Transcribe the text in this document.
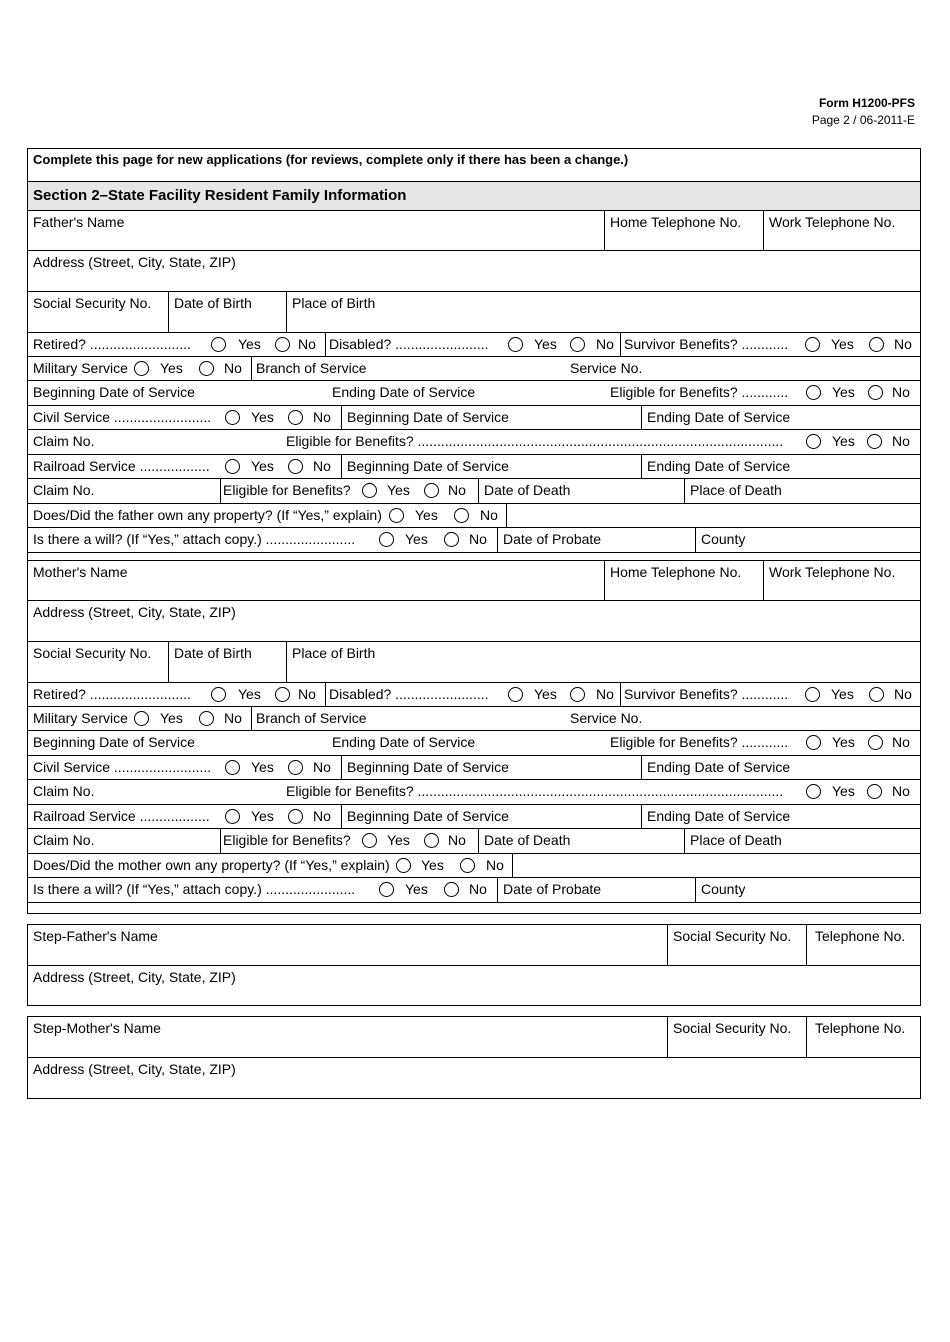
Form H1200-PFS
Page 2 / 06-2011-E
Complete this page for new applications (for reviews, complete only if there has been a change.)
Section 2–State Facility Resident Family Information
Father's Name	Home Telephone No. Work Telephone No.
Address (Street, City, State, ZIP)
Social Security No. Date of Birth	Place of Birth
Retired? ..........................	Yes	No Disabled? ........................	Yes	No Survivor Benefits? ............	Yes	No
Military Service Yes	No Branch of Service	Service No.
Beginning Date of Service	Ending Date of Service	Eligible for Benefits? ............	Yes	No
Civil Service .........................	Yes	No Beginning Date of Service	Ending Date of Service
Claim No.	Eligible for Benefits? ..............................................................................................	Yes	No
Railroad Service ..................	Yes	No Beginning Date of Service	Ending Date of Service
Claim No.	Eligible for Benefits?	Yes	No Date of Death	Place of Death
Does/Did the father own any property? (If “Yes,” explain) Yes	No
Is there a will? (If “Yes,” attach copy.) .......................	Yes	No Date of Probate	County
Mother's Name	Home Telephone No. Work Telephone No.
Address (Street, City, State, ZIP)
Social Security No. Date of Birth	Place of Birth
Retired? ..........................	Yes	No Disabled? ........................	Yes	No Survivor Benefits? ............	Yes	No
Military Service Yes	No Branch of Service	Service No.
Beginning Date of Service	Ending Date of Service	Eligible for Benefits? ............	Yes	No
Civil Service .........................	Yes	No Beginning Date of Service	Ending Date of Service
Claim No.	Eligible for Benefits? ..............................................................................................	Yes	No
Railroad Service ..................	Yes	No Beginning Date of Service	Ending Date of Service
Claim No.	Eligible for Benefits?	Yes	No Date of Death	Place of Death
Does/Did the mother own any property? (If “Yes,” explain) Yes	No
Is there a will? (If “Yes,” attach copy.) .......................	Yes	No Date of Probate	County
Step-Father's Name	Social Security No. Telephone No.
Address (Street, City, State, ZIP)
Step-Mother's Name	Social Security No. Telephone No.
Address (Street, City, State, ZIP)
